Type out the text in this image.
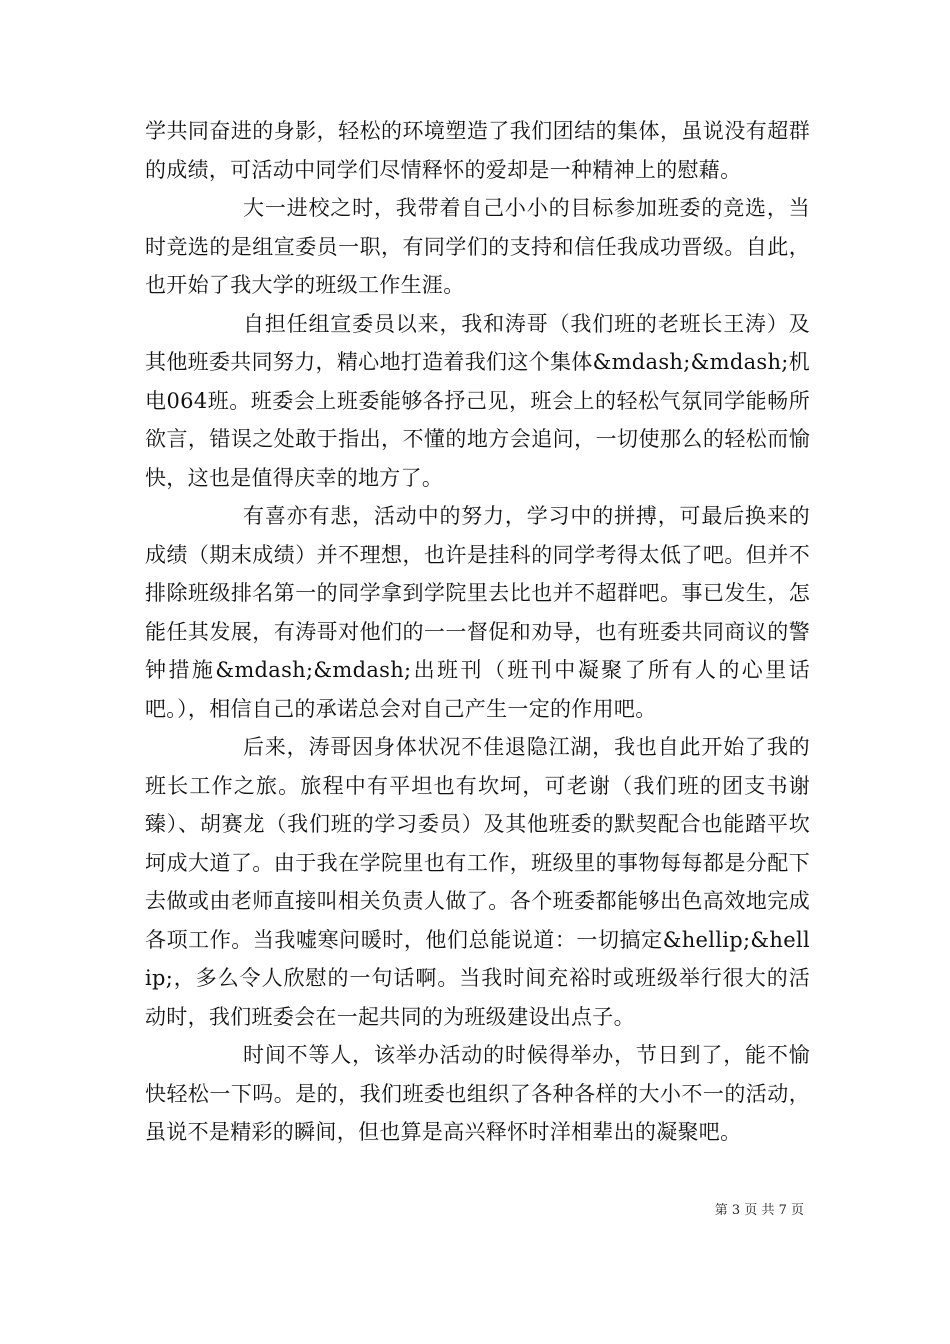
学共同奋进的身影，轻松的环境塑造了我们团结的集体，虽说没有超群的成绩，可活动中同学们尽情释怀的爱却是一种精神上的慰藉。

大一进校之时，我带着自己小小的目标参加班委的竞选，当时竞选的是组宣委员一职，有同学们的支持和信任我成功晋级。自此，也开始了我大学的班级工作生涯。

自担任组宣委员以来，我和涛哥（我们班的老班长王涛）及其他班委共同努力，精心地打造着我们这个集体&mdash;&mdash;机电064班。班委会上班委能够各抒己见，班会上的轻松气氛同学能畅所欲言，错误之处敢于指出，不懂的地方会追问，一切使那么的轻松而愉快，这也是值得庆幸的地方了。

有喜亦有悲，活动中的努力，学习中的拼搏，可最后换来的成绩（期末成绩）并不理想，也许是挂科的同学考得太低了吧。但并不排除班级排名第一的同学拿到学院里去比也并不超群吧。事已发生，怎能任其发展，有涛哥对他们的一一督促和劝导，也有班委共同商议的警钟措施&mdash;&mdash;出班刊（班刊中凝聚了所有人的心里话吧。），相信自己的承诺总会对自己产生一定的作用吧。

后来，涛哥因身体状况不佳退隐江湖，我也自此开始了我的班长工作之旅。旅程中有平坦也有坎坷，可老谢（我们班的团支书谢臻）、胡赛龙（我们班的学习委员）及其他班委的默契配合也能踏平坎坷成大道了。由于我在学院里也有工作，班级里的事物每每都是分配下去做或由老师直接叫相关负责人做了。各个班委都能够出色高效地完成各项工作。当我嘘寒问暖时，他们总能说道：一切搞定&hellip;&hellip;，多么令人欣慰的一句话啊。当我时间充裕时或班级举行很大的活动时，我们班委会在一起共同的为班级建设出点子。

时间不等人，该举办活动的时候得举办，节日到了，能不愉快轻松一下吗。是的，我们班委也组织了各种各样的大小不一的活动，虽说不是精彩的瞬间，但也算是高兴释怀时洋相辈出的凝聚吧。

第 3 页 共 7 页
